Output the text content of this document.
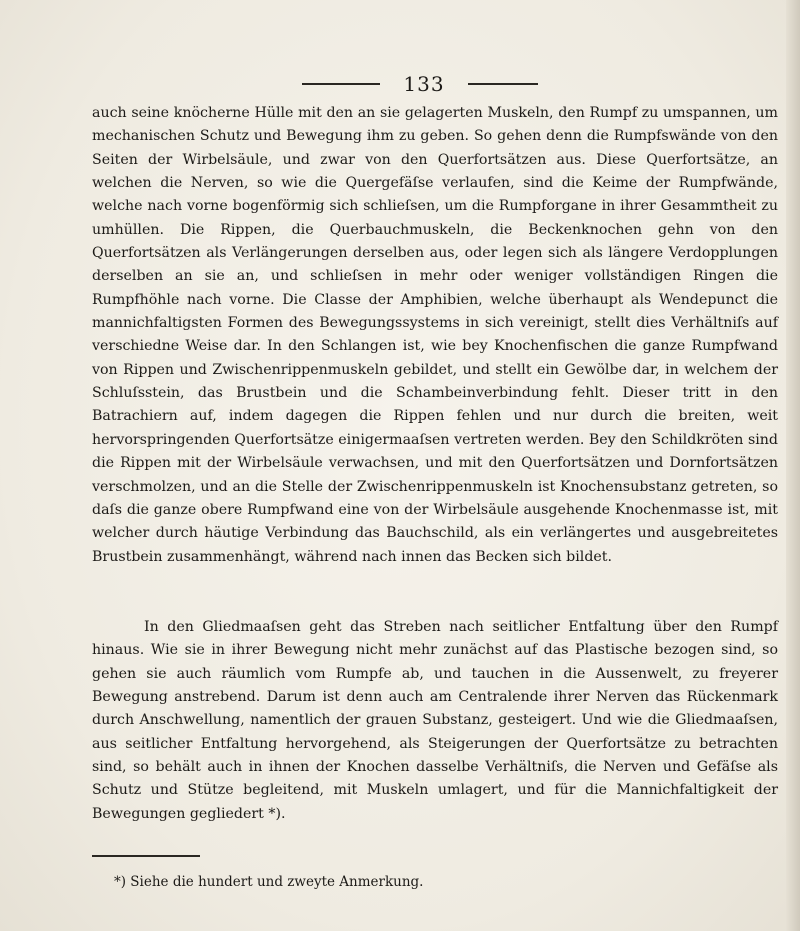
133

auch seine knöcherne Hülle mit den an sie gelagerten Muskeln, den Rumpf zu umspannen, um mechanischen Schutz und Bewegung ihm zu geben. So gehen denn die Rumpfswände von den Seiten der Wirbelsäule, und zwar von den Querfortsätzen aus. Diese Querfortsätze, an welchen die Nerven, so wie die Quergefäſse verlaufen, sind die Keime der Rumpfwände, welche nach vorne bogenförmig sich schlieſsen, um die Rumpforgane in ihrer Gesammtheit zu umhüllen. Die Rippen, die Querbauchmuskeln, die Beckenknochen gehn von den Querfortsätzen als Verlängerungen derselben aus, oder legen sich als längere Verdopplungen derselben an sie an, und schlieſsen in mehr oder weniger vollständigen Ringen die Rumpfhöhle nach vorne. Die Classe der Amphibien, welche überhaupt als Wendepunct die mannichfaltigsten Formen des Bewegungssystems in sich vereinigt, stellt dies Verhältniſs auf verschiedne Weise dar. In den Schlangen ist, wie bey Knochenfischen die ganze Rumpfwand von Rippen und Zwischenrippenmuskeln gebildet, und stellt ein Gewölbe dar, in welchem der Schluſsstein, das Brustbein und die Schambeinverbindung fehlt. Dieser tritt in den Batrachiern auf, indem dagegen die Rippen fehlen und nur durch die breiten, weit hervorspringenden Querfortsätze einigermaaſsen vertreten werden. Bey den Schildkröten sind die Rippen mit der Wirbelsäule verwachsen, und mit den Querfortsätzen und Dornfortsätzen verschmolzen, und an die Stelle der Zwischenrippenmuskeln ist Knochensubstanz getreten, so daſs die ganze obere Rumpfwand eine von der Wirbelsäule ausgehende Knochenmasse ist, mit welcher durch häutige Verbindung das Bauchschild, als ein verlängertes und ausgebreitetes Brustbein zusammenhängt, während nach innen das Becken sich bildet.

In den Gliedmaaſsen geht das Streben nach seitlicher Entfaltung über den Rumpf hinaus. Wie sie in ihrer Bewegung nicht mehr zunächst auf das Plastische bezogen sind, so gehen sie auch räumlich vom Rumpfe ab, und tauchen in die Aussenwelt, zu freyerer Bewegung anstrebend. Darum ist denn auch am Centralende ihrer Nerven das Rückenmark durch Anschwellung, namentlich der grauen Substanz, gesteigert. Und wie die Gliedmaaſsen, aus seitlicher Entfaltung hervorgehend, als Steigerungen der Querfortsätze zu betrachten sind, so behält auch in ihnen der Knochen dasselbe Verhältniſs, die Nerven und Gefäſse als Schutz und Stütze begleitend, mit Muskeln umlagert, und für die Mannichfaltigkeit der Bewegungen gegliedert *).

*) Siehe die hundert und zweyte Anmerkung.
